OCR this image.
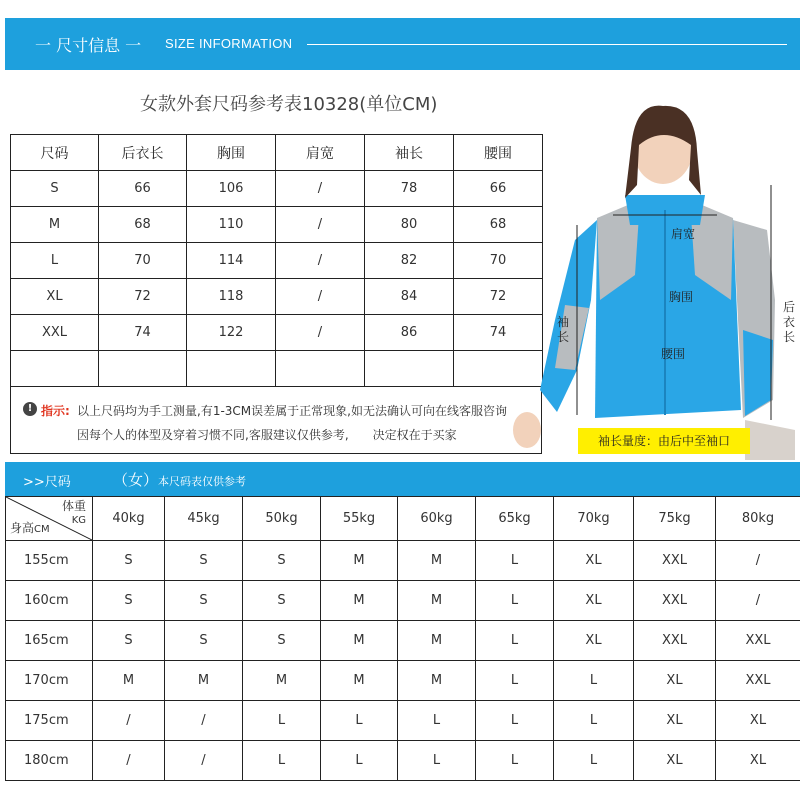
一 尺寸信息 一 SIZE INFORMATION
女款外套尺码参考表10328(单位CM)
尺码	后衣长	胸围	肩宽	袖长	腰围
S	66	106	/	78	66
M	68	110	/	80	68
L	70	114	/	82	70
XL	72	118	/	84	72
XXL	74	122	/	86	74

! 指示: 以上尺码均为手工测量,有1-3CM误差属于正常现象,如无法确认可向在线客服咨询
因每个人的体型及穿着习惯不同,客服建议仅供参考,　　决定权在于买家
肩宽
胸围
腰围
袖长
后衣长
袖长量度：由后中至袖口
>>尺码	（女） 本尺码表仅供参考
体重
KG
身高CM	40kg	45kg	50kg	55kg	60kg	65kg	70kg	75kg	80kg
155cm	S	S	S	M	M	L	XL	XXL	/
160cm	S	S	S	M	M	L	XL	XXL	/
165cm	S	S	S	M	M	L	XL	XXL	XXL
170cm	M	M	M	M	M	L	L	XL	XXL
175cm	/	/	L	L	L	L	L	XL	XL
180cm	/	/	L	L	L	L	L	XL	XL
